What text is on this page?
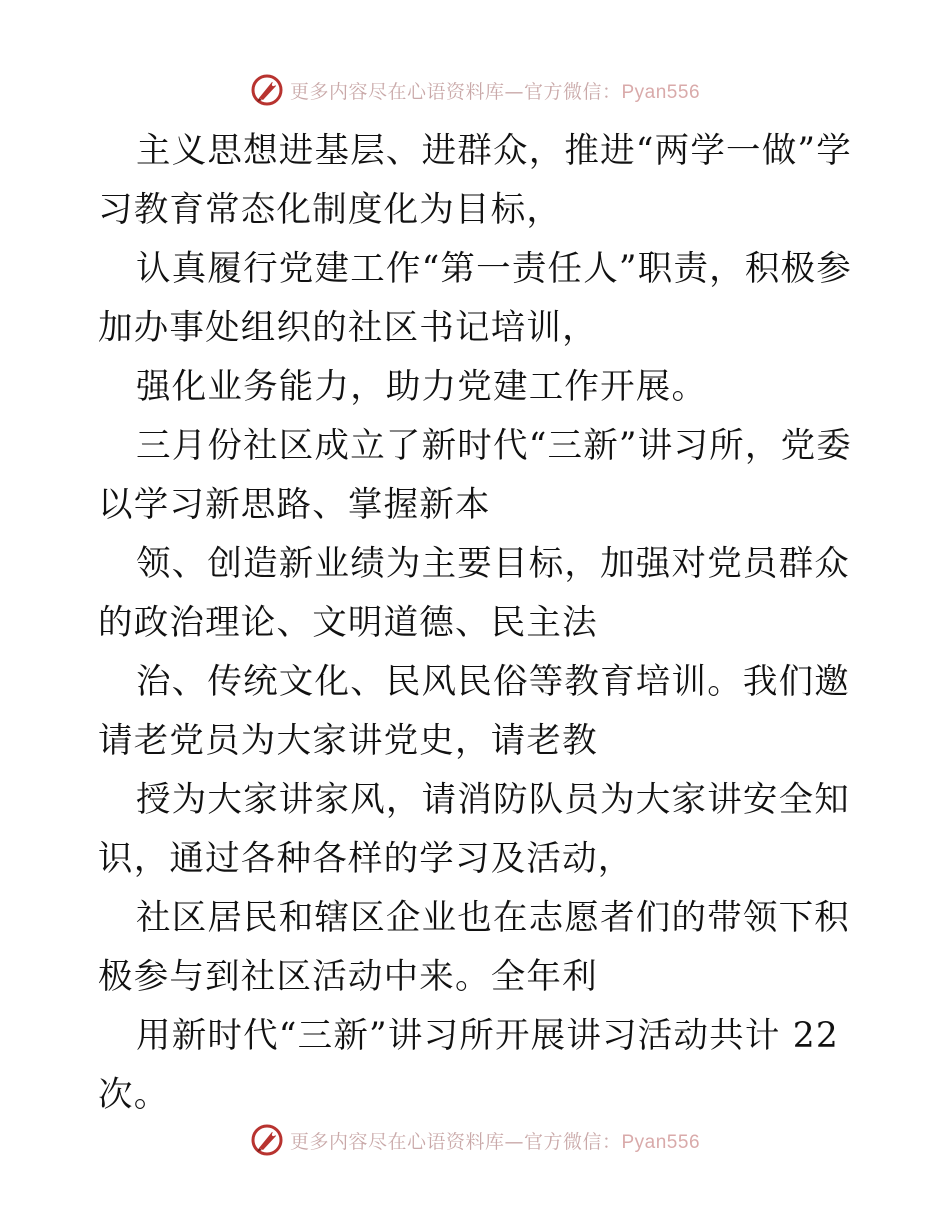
更多内容尽在心语资料库—官方微信：Pyan556

主义思想进基层、进群众，推进“两学一做”学习教育常态化制度化为目标，

认真履行党建工作“第一责任人”职责，积极参加办事处组织的社区书记培训，

强化业务能力，助力党建工作开展。

三月份社区成立了新时代“三新”讲习所，党委以学习新思路、掌握新本

领、创造新业绩为主要目标，加强对党员群众的政治理论、文明道德、民主法

治、传统文化、民风民俗等教育培训。我们邀请老党员为大家讲党史，请老教

授为大家讲家风，请消防队员为大家讲安全知识，通过各种各样的学习及活动，

社区居民和辖区企业也在志愿者们的带领下积极参与到社区活动中来。全年利

用新时代“三新”讲习所开展讲习活动共计 22 次。

更多内容尽在心语资料库—官方微信：Pyan556
